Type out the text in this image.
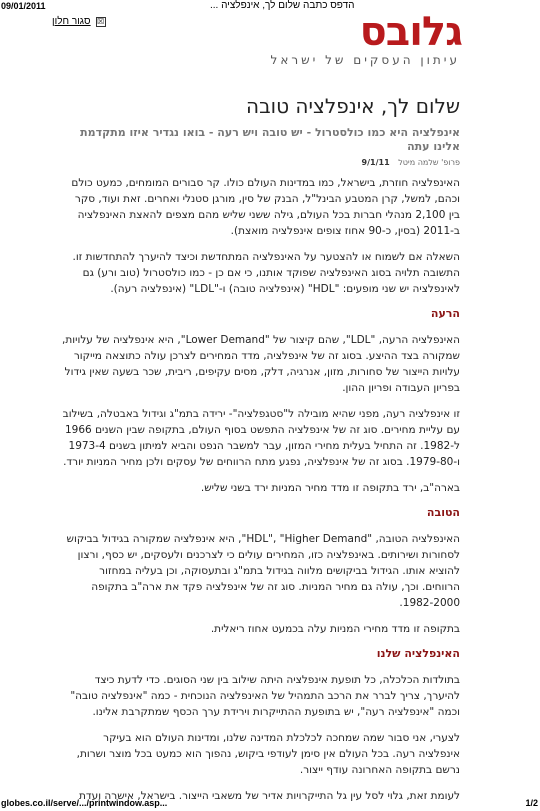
09/01/2011	הדפס כתבה שלום לך, אינפלציה ...
☒
סגור חלון	גלובס
עיתון העסקים של ישראל
שלום לך, אינפלציה טובה
אינפלציה היא כמו כולסטרול - יש טובה ויש רעה - בואו נגדיר איזו מתקדמת אלינו עתה
פרופ' שלמה מיטל 9/1/11

האינפלציה חוזרת, בישראל, כמו במדינות העולם כולו. קר סבורים המומחים, כמעט כולם וכהם, למשל, קרן המטבע הבינל"ל, הבנק של סין, מורגן סטנלי ואחרים. זאת ועוד, סקר בין 2,100 מנהלי חברות בכל העולם, גילה ששני שליש מהם מצפים להאצת האינפלציה ב-2011 (בסין, כ-90 אחוז צופים אינפלציה מואצת).

השאלה אם לשמוח או להצטער על האינפלציה המתחדשת וכיצד להיערך להתחדשות זו. התשובה תלויה בסוג האינפלציה שפוקד אותנו, כי אם כן - כמו כולסטרול (טוב ורע) גם לאינפלציה יש שני מופעים: "HDL" (אינפלציה טובה) ו-"LDL" (אינפלציה רעה).

הרעה

האינפלציה הרעה, "LDL", שהם קיצור של "Lower Demand", היא אינפלציה של עלויות, שמקורה בצד ההיצע. בסוג זה של אינפלציה, מדד המחירים לצרכן עולה כתוצאה מייקור עלויות הייצור של סחורות, מזון, אנרגיה, דלק, מסים עקיפים, ריבית, שכר בשעה שאין גידול בפריון העבודה ופריון ההון.

זו אינפלציה רעה, מפני שהיא מובילה ל"סטגפלציה"- ירידה בתמ"ג וגידול באבטלה, בשילוב עם עליית מחירים. סוג זה של אינפלציה התפשט בסוף העולם, בתקופה שבין השנים 1966 ל-1982. זה התחיל בעלית מחירי המזון, עבר למשבר הנפט והביא למיתון בשנים 1973-4 ו-1979-80. בסוג זה של אינפלציה, נפגע מתח הרווחים של עסקים ולכן מחיר המניות יורד.

בארה"ב, ירד בתקופה זו מדד מחיר המניות ירד בשני שליש.

הטובה

האינפלציה הטובה, "HDL", "Higher Demand", היא אינפלציה שמקורה בגידול בביקוש לסחורות ושירותים. באינפלציה כזו, המחירים עולים כי לצרכנים ולעסקים, יש כסף, ורצון להוציא אותו. הגידול בביקושים מלווה בגידול בתמ"ג ובתעסוקה, וכן בעליה במחזור הרווחים. וכך, עולה גם מחיר המניות. סוג זה של אינפלציה פקד את ארה"ב בתקופה 1982-2000.

בתקופה זו מדד מחירי המניות עלה בכמעט אחוז ריאלית.

האינפלציה שלנו

בתולדות הכלכלה, כל תופעת אינפלציה היתה שילוב בין שני הסוגים. כדי לדעת כיצד להיערך, צריך לברר את הרכב התמהיל של האינפלציה הנוכחית - כמה "אינפלציה טובה" וכמה "אינפלציה רעה", יש בתופעת ההתייקרות וירידת ערך הכסף שמתקרבת אלינו.

לצערי, אני סבור שמה שמחכה לכלכלת המדינה שלנו, ומדינות העולם הוא בעיקר אינפלציה רעה. בכל העולם אין סימן לעודפי ביקוש, נהפוך הוא כמעט בכל מוצר ושרות, נרשם בתקופה האחרונה עודף ייצור.

לעומת זאת, גלוי לסל עין גל התייקרויות אדיר של משאבי הייצור. בישראל, אישרה ועדת

globes.co.il/serve/.../printwindow.asp...	1/2
